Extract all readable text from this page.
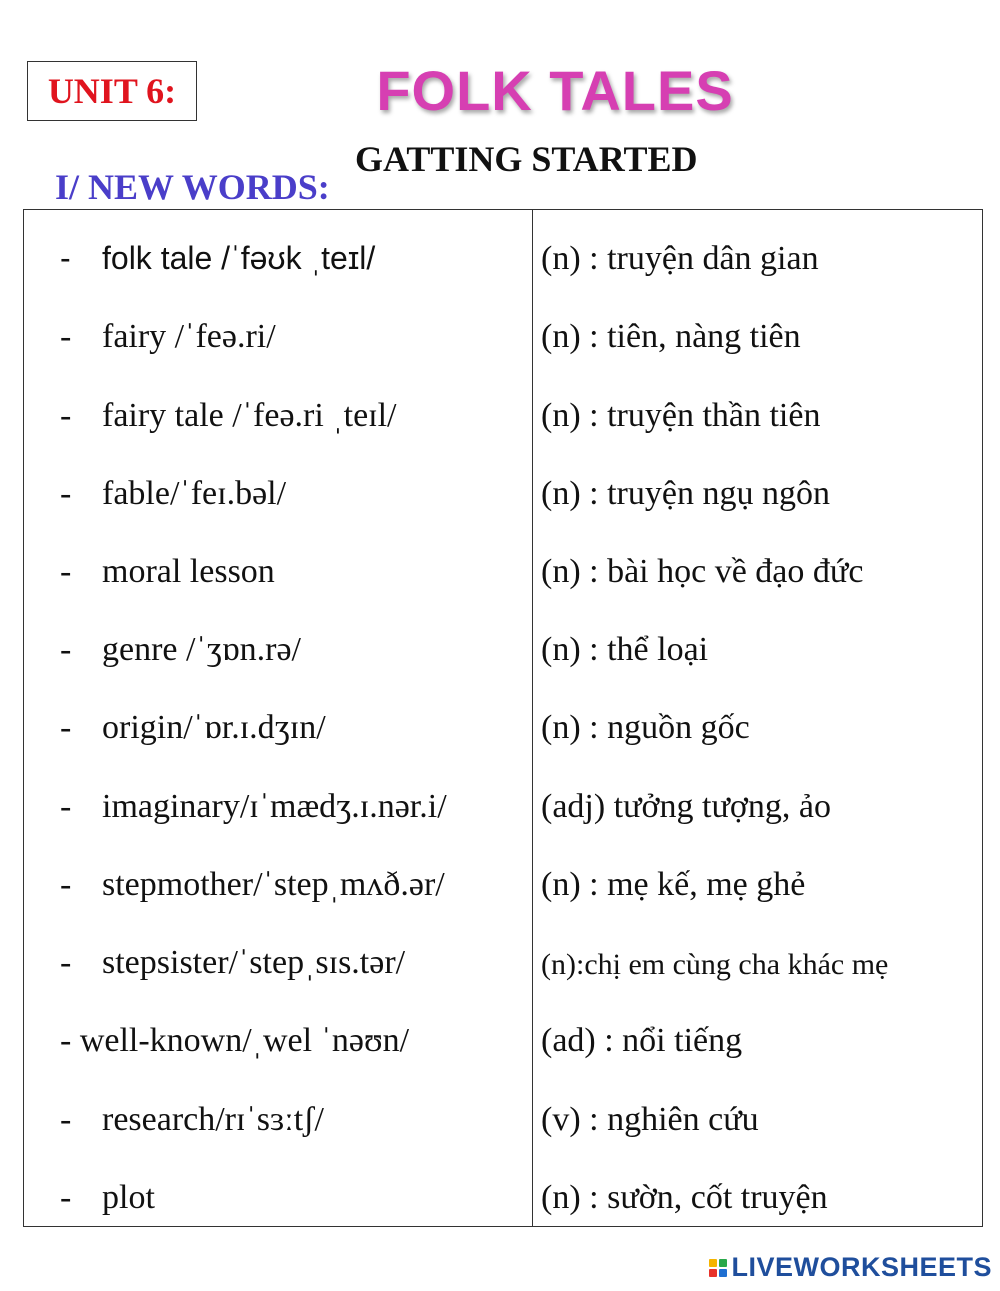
UNIT 6:	FOLK TALES
GATTING STARTED
I/ NEW WORDS:
- folk tale /ˈfəʊk ˌteɪl/	(n) : truyện dân gian
- fairy /ˈfeə.ri/	(n) : tiên, nàng tiên
- fairy tale /ˈfeə.ri ˌteɪl/	(n) : truyện thần tiên
- fable/ˈfeɪ.bəl/	(n) : truyện ngụ ngôn
- moral lesson	(n) : bài học về đạo đức
- genre /ˈʒɒn.rə/	(n) : thể loại
- origin/ˈɒr.ɪ.dʒɪn/	(n) : nguồn gốc
- imaginary/ɪˈmædʒ.ɪ.nər.i/	(adj) tưởng tượng, ảo
- stepmother/ˈstepˌmʌð.ər/	(n) : mẹ kế, mẹ ghẻ
- stepsister/ˈstepˌsɪs.tər/	(n):chị em cùng cha khác mẹ
- well-known/ˌwel ˈnəʊn/	(ad) : nổi tiếng
- research/rɪˈsɜːtʃ/	(v) : nghiên cứu
- plot	(n) : sườn, cốt truyện
LIVEWORKSHEETS
